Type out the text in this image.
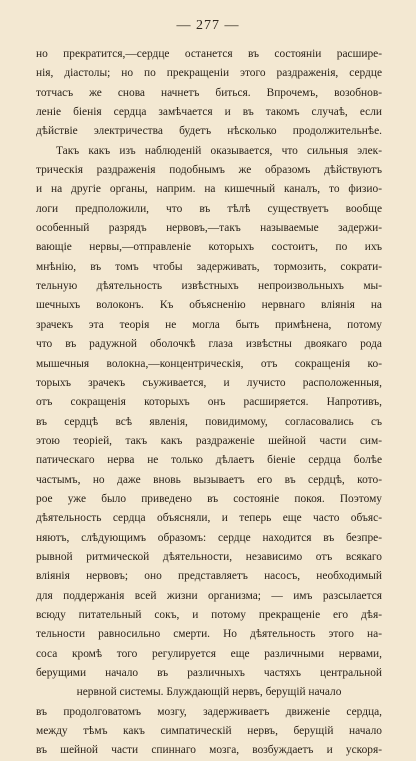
— 277 —
но прекратится,—сердце останется въ состоянiи расшире-
нiя, дiастолы; но по прекращенiи этого раздраженiя, сердце
тотчасъ же снова начнетъ биться. Впрочемъ, возобнов-
ленiе бiенiя сердца замѣчается и въ такомъ случаѣ, если
дѣйствiе электричества будетъ нѣсколько продолжительнѣе.
Такъ какъ изъ наблюденiй оказывается, что сильныя элек-
трическiя раздраженiя подобнымъ же образомъ дѣйствуютъ
и на другiе органы, наприм. на кишечный каналъ, то физио-
логи предположили, что въ тѣлѣ существуетъ вообще
особенный разрядъ нервовъ,—такъ называемые задержи-
вающiе нервы,—отправленiе которыхъ состоитъ, по ихъ
мнѣнiю, въ томъ чтобы задерживать, тормозить, сократи-
тельную дѣятельность извѣстныхъ непроизвольныхъ мы-
шечныхъ волоконъ. Къ объясненiю нервнаго влiянiя на
зрачекъ эта теорiя не могла быть примѣнена, потому
что въ радужной оболочкѣ глаза извѣстны двоякаго рода
мышечныя волокна,—концентрическiя, отъ сокращенiя ко-
торыхъ зрачекъ съуживается, и лучисто расположенныя,
отъ сокращенiя которыхъ онъ расширяется. Напротивъ,
въ сердцѣ всѣ явленiя, повидимому, согласовались съ
этою теорiей, такъ какъ раздраженiе шейной части сим-
патическаго нерва не только дѣлаетъ бiенiе сердца болѣе
частымъ, но даже вновь вызываетъ его въ сердцѣ, кото-
рое уже было приведено въ состоянiе покоя. Поэтому
дѣятельность сердца объясняли, и теперь еще часто объяс-
няютъ, слѣдующимъ образомъ: сердце находится въ безпре-
рывной ритмической дѣятельности, независимо отъ всякаго
влiянiя нервовъ; оно представляетъ насосъ, необходимый
для поддержанiя всей жизни организма; — имъ разсылается
всюду питательный сокъ, и потому прекращенiе его дѣя-
тельности равносильно смерти. Но дѣятельность этого на-
соса кромѣ того регулируется еще различными нервами,
берущими начало въ различныхъ частяхъ центральной
нервной системы. Блуждающiй нервъ, берущiй начало
въ продолговатомъ мозгу, задерживаетъ движенiе сердца,
между тѣмъ какъ симпатическiй нервъ, берущiй начало
въ шейной части спиннаго мозга, возбуждаетъ и ускоря-
